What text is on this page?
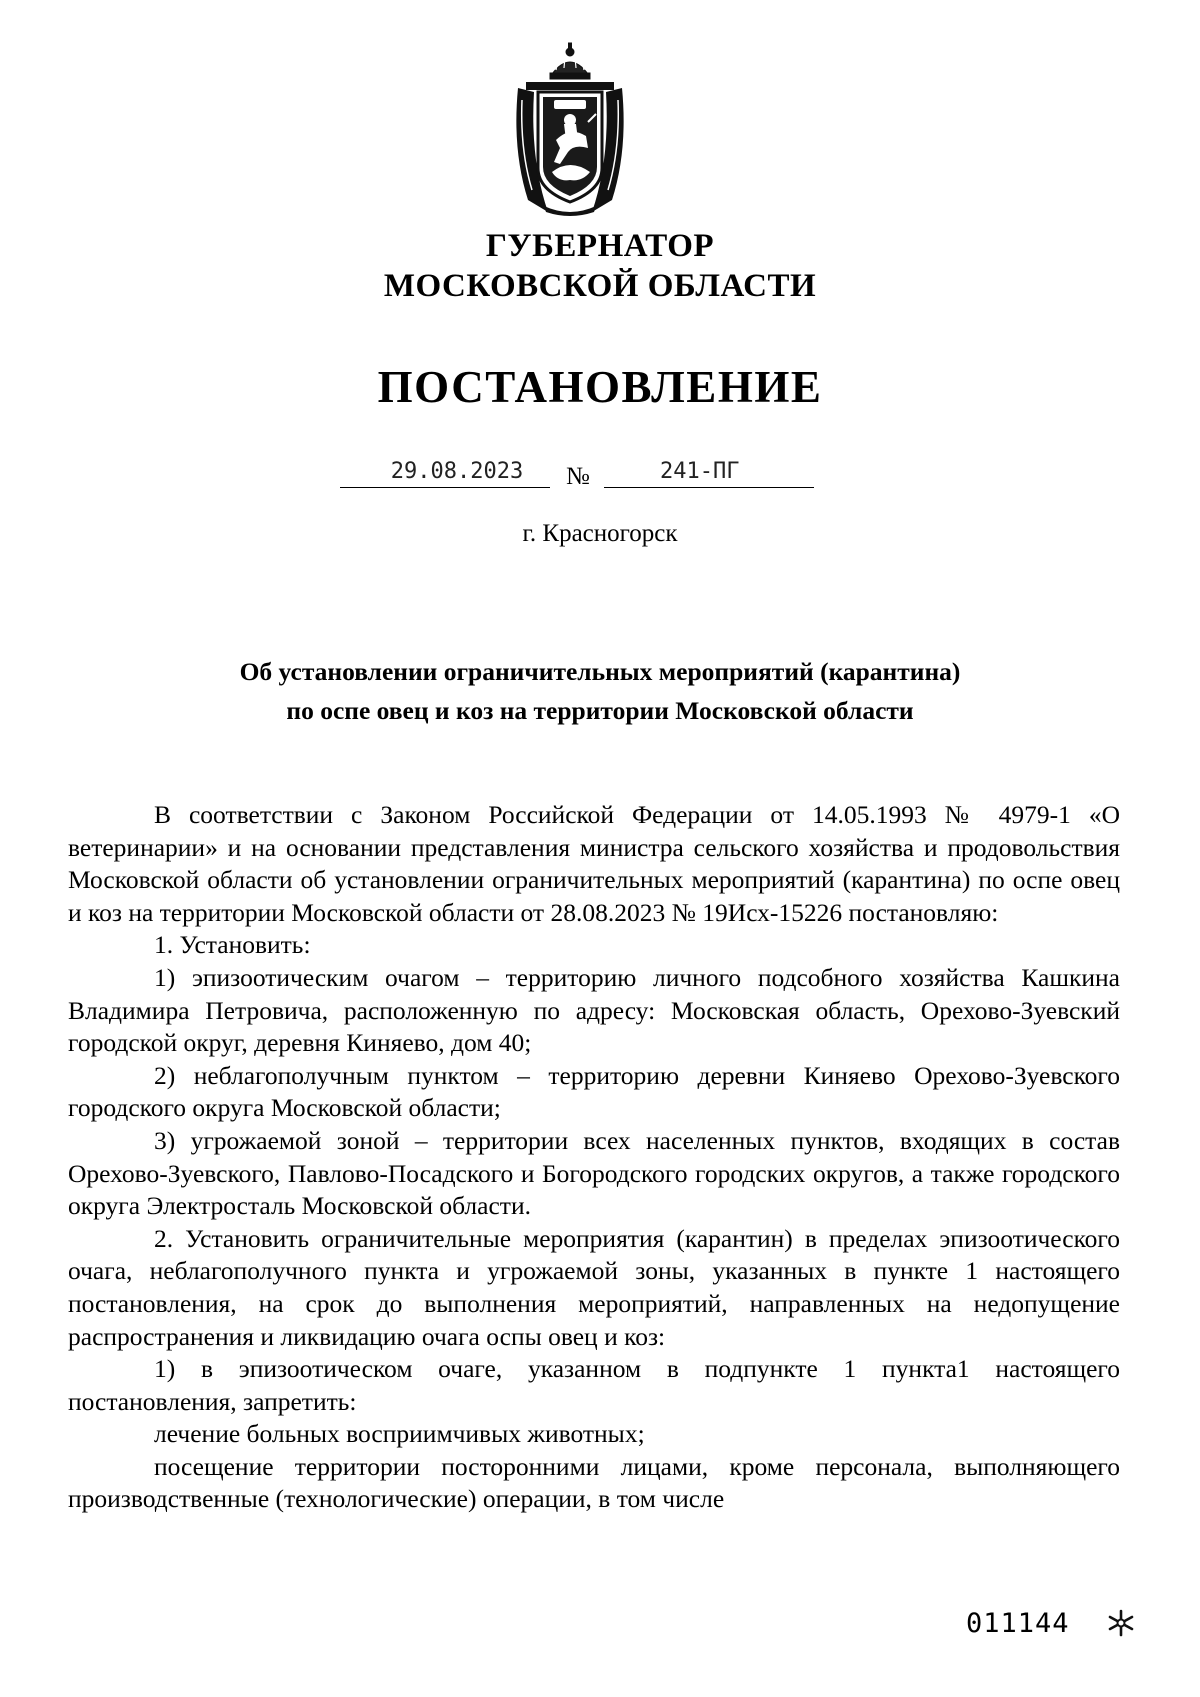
ГУБЕРНАТОР
МОСКОВСКОЙ ОБЛАСТИ
ПОСТАНОВЛЕНИЕ
29.08.2023	№	241-ПГ
г. Красногорск
Об установлении ограничительных мероприятий (карантина)
по оспе овец и коз на территории Московской области

В соответствии с Законом Российской Федерации от 14.05.1993 № 4979-1 «О ветеринарии» и на основании представления министра сельского хозяйства и продовольствия Московской области об установлении ограничительных мероприятий (карантина) по оспе овец и коз на территории Московской области от 28.08.2023 № 19Исх-15226 постановляю:

1. Установить:

1) эпизоотическим очагом – территорию личного подсобного хозяйства Кашкина Владимира Петровича, расположенную по адресу: Московская область, Орехово-Зуевский городской округ, деревня Киняево, дом 40;

2) неблагополучным пунктом – территорию деревни Киняево Орехово-Зуевского городского округа Московской области;

3) угрожаемой зоной – территории всех населенных пунктов, входящих в состав Орехово-Зуевского, Павлово-Посадского и Богородского городских округов, а также городского округа Электросталь Московской области.

2. Установить ограничительные мероприятия (карантин) в пределах эпизоотического очага, неблагополучного пункта и угрожаемой зоны, указанных в пункте 1 настоящего постановления, на срок до выполнения мероприятий, направленных на недопущение распространения и ликвидацию очага оспы овец и коз:

1) в эпизоотическом очаге, указанном в подпункте 1 пункта1 настоящего постановления, запретить:

лечение больных восприимчивых животных;

посещение территории посторонними лицами, кроме персонала, выполняющего производственные (технологические) операции, в том числе

011144
